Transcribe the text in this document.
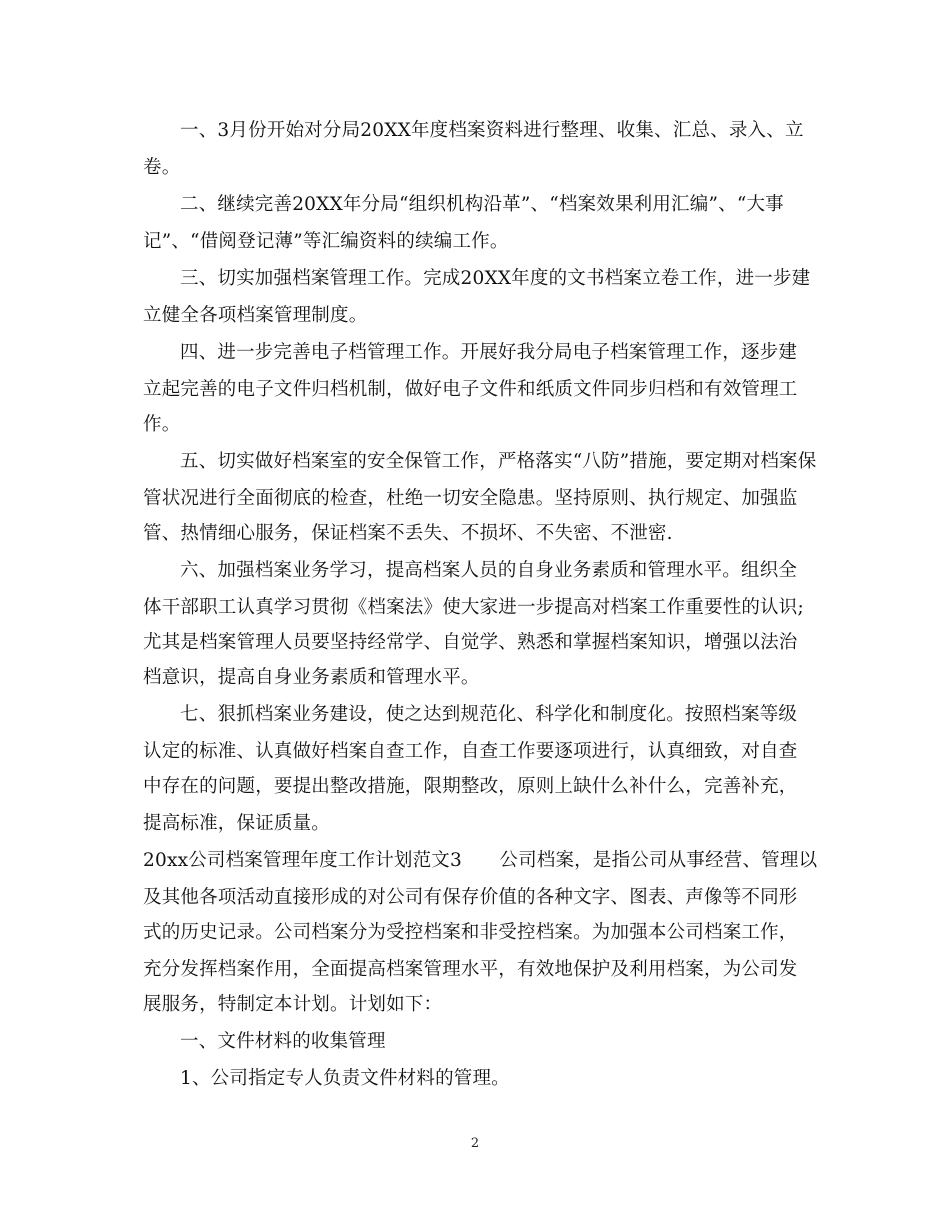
一、3月份开始对分局20XX年度档案资料进行整理、收集、汇总、录入、立
卷。
二、继续完善20XX年分局“组织机构沿革”、“档案效果利用汇编”、“大事
记”、“借阅登记薄”等汇编资料的续编工作。
三、切实加强档案管理工作。完成20XX年度的文书档案立卷工作，进一步建
立健全各项档案管理制度。
四、进一步完善电子档管理工作。开展好我分局电子档案管理工作，逐步建
立起完善的电子文件归档机制，做好电子文件和纸质文件同步归档和有效管理工
作。
五、切实做好档案室的安全保管工作，严格落实“八防”措施，要定期对档案保
管状况进行全面彻底的检查，杜绝一切安全隐患。坚持原则、执行规定、加强监
管、热情细心服务，保证档案不丢失、不损坏、不失密、不泄密.
六、加强档案业务学习，提高档案人员的自身业务素质和管理水平。组织全
体干部职工认真学习贯彻《档案法》使大家进一步提高对档案工作重要性的认识;
尤其是档案管理人员要坚持经常学、自觉学、熟悉和掌握档案知识，增强以法治
档意识，提高自身业务素质和管理水平。
七、狠抓档案业务建设，使之达到规范化、科学化和制度化。按照档案等级
认定的标准、认真做好档案自查工作，自查工作要逐项进行，认真细致，对自查
中存在的问题，要提出整改措施，限期整改，原则上缺什么补什么，完善补充，
提高标准，保证质量。
20xx公司档案管理年度工作计划范文3　　公司档案，是指公司从事经营、管理以
及其他各项活动直接形成的对公司有保存价值的各种文字、图表、声像等不同形
式的历史记录。公司档案分为受控档案和非受控档案。为加强本公司档案工作，
充分发挥档案作用，全面提高档案管理水平，有效地保护及利用档案，为公司发
展服务，特制定本计划。计划如下：
一、文件材料的收集管理
1、公司指定专人负责文件材料的管理。
2
